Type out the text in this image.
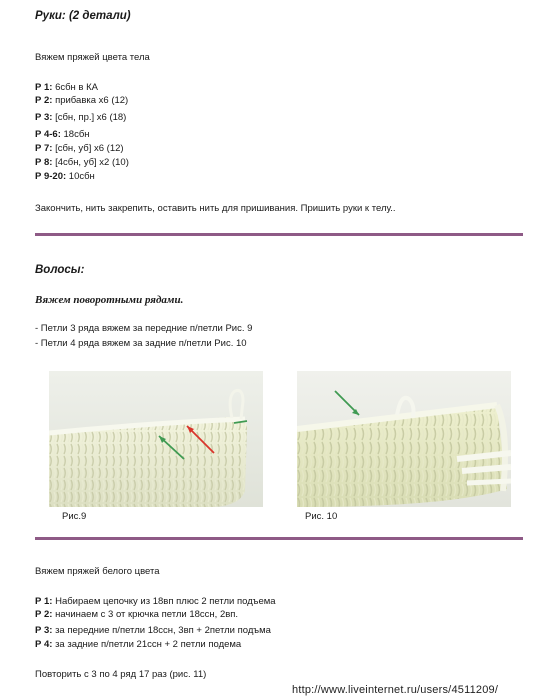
Руки: (2 детали)
Вяжем пряжей цвета тела
Р 1: 6сбн в КА
Р 2: прибавка х6 (12)
Р 3: [сбн, пр.] х6 (18)
Р 4-6: 18сбн
Р 7: [сбн, уб] х6 (12)
Р 8: [4сбн, уб] х2 (10)
Р 9-20: 10сбн
Закончить, нить закрепить, оставить нить для пришивания. Пришить руки к телу..
Волосы:
Вяжем поворотными рядами.
- Петли 3 ряда вяжем за передние п/петли Рис. 9
- Петли 4 ряда вяжем за задние п/петли Рис. 10
Рис.9	Рис. 10
Вяжем пряжей белого цвета
Р 1: Набираем цепочку из 18вп плюс 2 петли подъема
Р 2: начинаем с 3 от крючка петли 18ссн, 2вп.
Р 3: за передние п/петли 18ссн, 3вп + 2петли подъма
Р 4: за задние п/петли 21ссн + 2 петли подема
Повторить с 3 по 4 ряд 17 раз (рис. 11)
http://www.liveinternet.ru/users/4511209/
